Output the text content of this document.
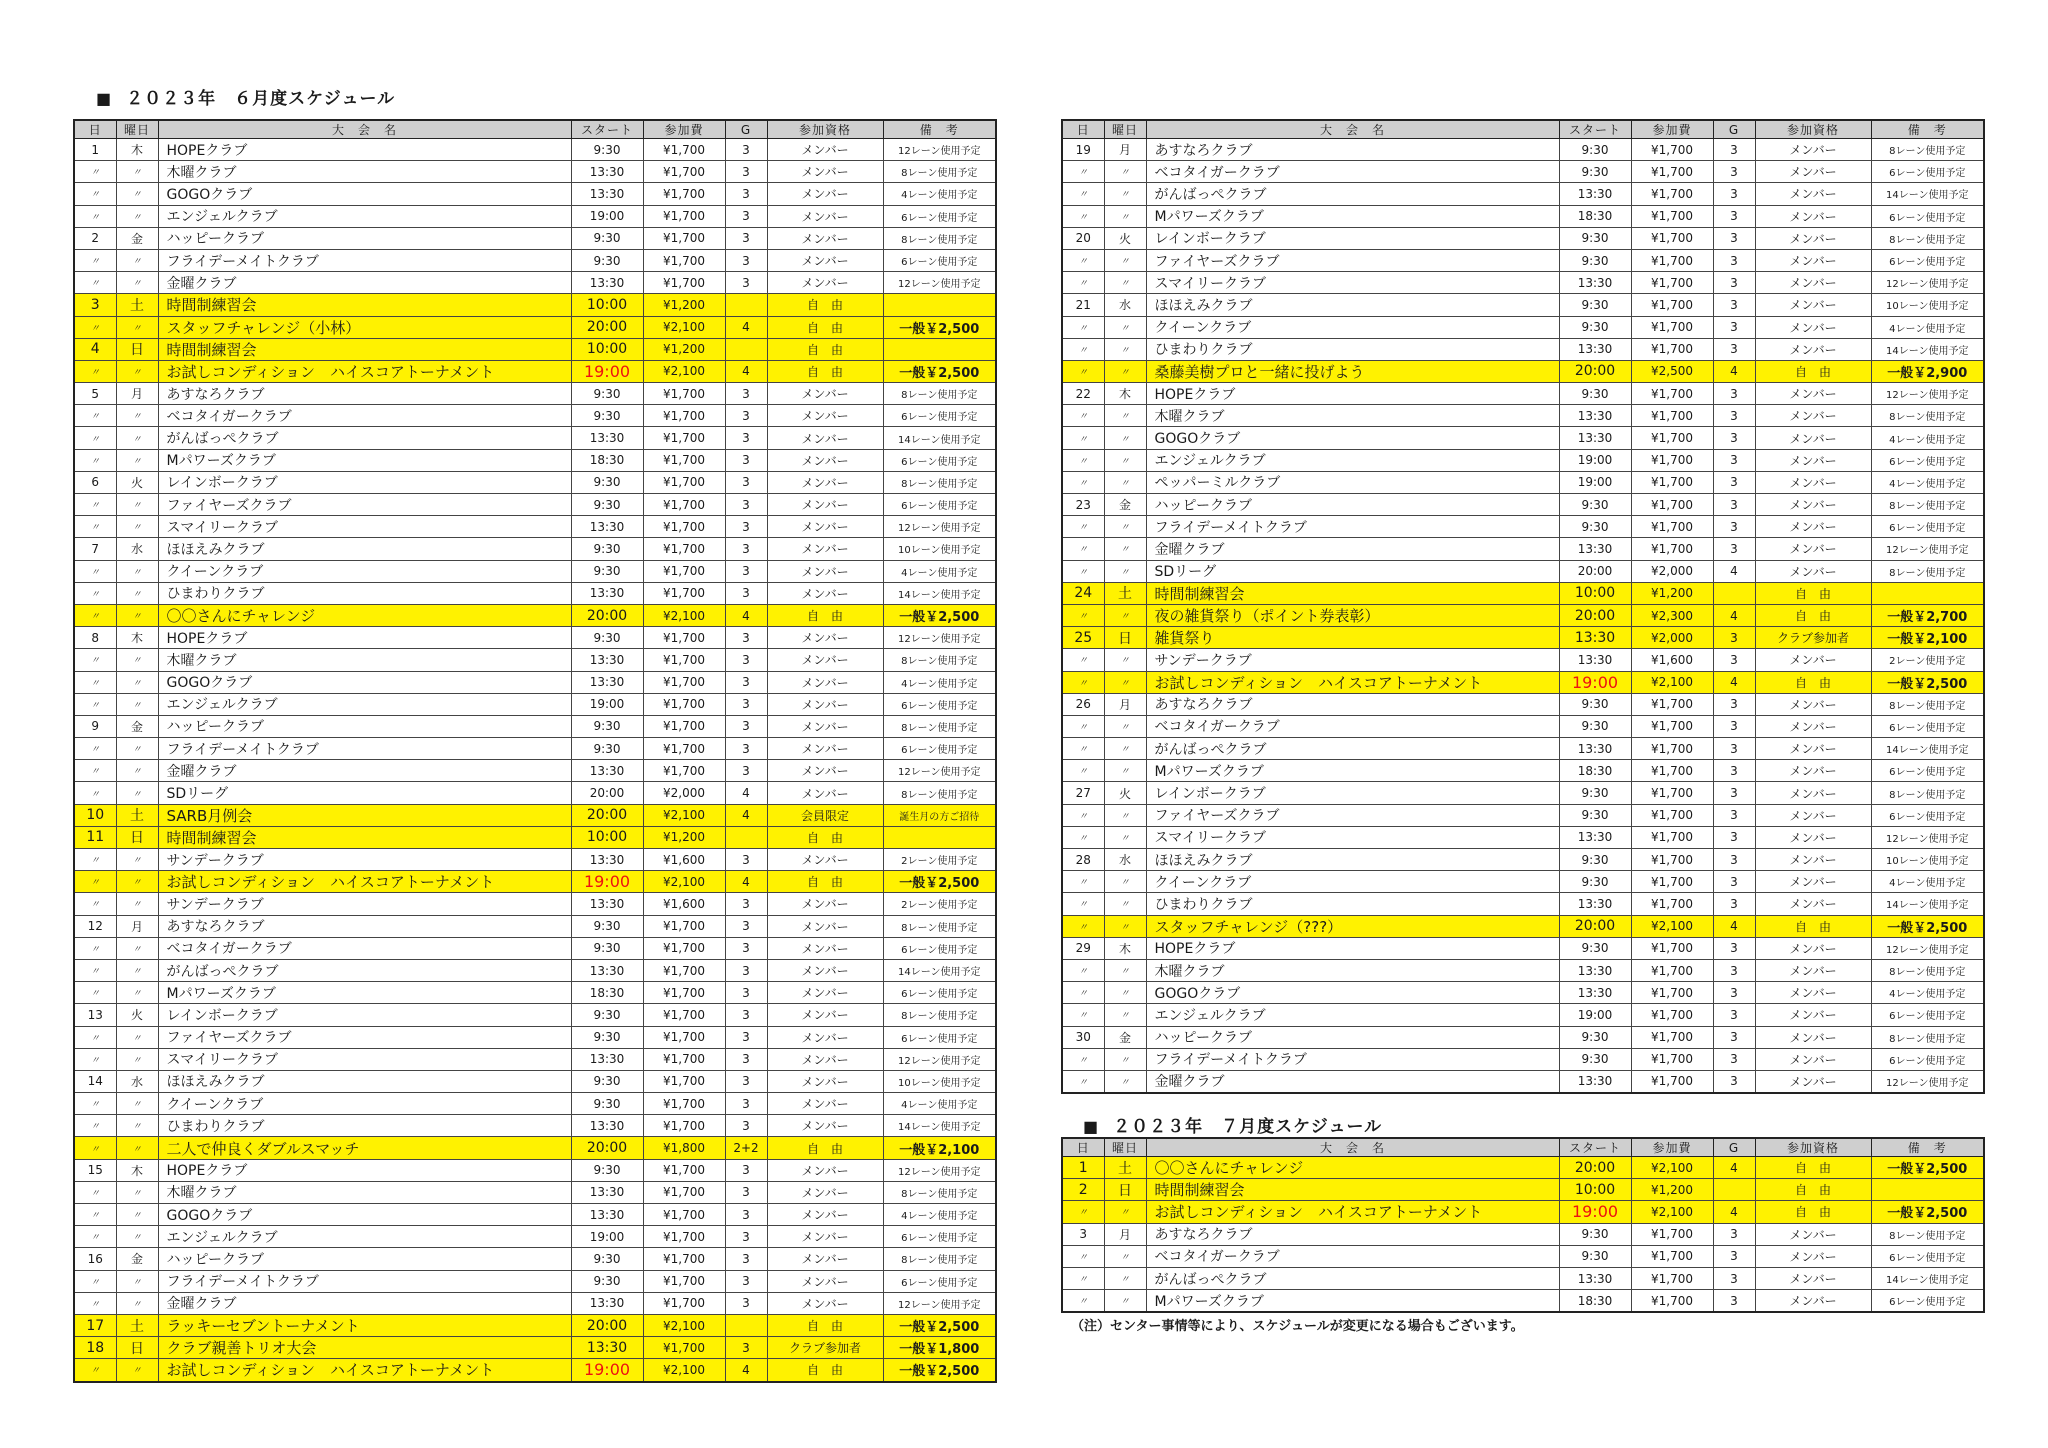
■ ２０２３年　６月度スケジュール
日	曜日	大　会　名	スタート	参加費	G	参加資格	備　考
1	木	HOPEクラブ	9:30	¥1,700	3	メンバー	12レーン使用予定
〃	〃	木曜クラブ	13:30	¥1,700	3	メンバー	8レーン使用予定
〃	〃	GOGOクラブ	13:30	¥1,700	3	メンバー	4レーン使用予定
〃	〃	エンジェルクラブ	19:00	¥1,700	3	メンバー	6レーン使用予定
2	金	ハッピークラブ	9:30	¥1,700	3	メンバー	8レーン使用予定
〃	〃	フライデーメイトクラブ	9:30	¥1,700	3	メンバー	6レーン使用予定
〃	〃	金曜クラブ	13:30	¥1,700	3	メンバー	12レーン使用予定
3	土	時間制練習会	10:00	¥1,200		自　由	
〃	〃	スタッフチャレンジ（小林）	20:00	¥2,100	4	自　由	一般￥2,500
4	日	時間制練習会	10:00	¥1,200		自　由	
〃	〃	お試しコンディション　ハイスコアトーナメント	19:00	¥2,100	4	自　由	一般￥2,500
5	月	あすなろクラブ	9:30	¥1,700	3	メンバー	8レーン使用予定
〃	〃	ベコタイガークラブ	9:30	¥1,700	3	メンバー	6レーン使用予定
〃	〃	がんばっぺクラブ	13:30	¥1,700	3	メンバー	14レーン使用予定
〃	〃	Mパワーズクラブ	18:30	¥1,700	3	メンバー	6レーン使用予定
6	火	レインボークラブ	9:30	¥1,700	3	メンバー	8レーン使用予定
〃	〃	ファイヤーズクラブ	9:30	¥1,700	3	メンバー	6レーン使用予定
〃	〃	スマイリークラブ	13:30	¥1,700	3	メンバー	12レーン使用予定
7	水	ほほえみクラブ	9:30	¥1,700	3	メンバー	10レーン使用予定
〃	〃	クイーンクラブ	9:30	¥1,700	3	メンバー	4レーン使用予定
〃	〃	ひまわりクラブ	13:30	¥1,700	3	メンバー	14レーン使用予定
〃	〃	〇〇さんにチャレンジ	20:00	¥2,100	4	自　由	一般￥2,500
8	木	HOPEクラブ	9:30	¥1,700	3	メンバー	12レーン使用予定
〃	〃	木曜クラブ	13:30	¥1,700	3	メンバー	8レーン使用予定
〃	〃	GOGOクラブ	13:30	¥1,700	3	メンバー	4レーン使用予定
〃	〃	エンジェルクラブ	19:00	¥1,700	3	メンバー	6レーン使用予定
9	金	ハッピークラブ	9:30	¥1,700	3	メンバー	8レーン使用予定
〃	〃	フライデーメイトクラブ	9:30	¥1,700	3	メンバー	6レーン使用予定
〃	〃	金曜クラブ	13:30	¥1,700	3	メンバー	12レーン使用予定
〃	〃	SDリーグ	20:00	¥2,000	4	メンバー	8レーン使用予定
10	土	SARB月例会	20:00	¥2,100	4	会員限定	誕生月の方ご招待
11	日	時間制練習会	10:00	¥1,200		自　由	
〃	〃	サンデークラブ	13:30	¥1,600	3	メンバー	2レーン使用予定
〃	〃	お試しコンディション　ハイスコアトーナメント	19:00	¥2,100	4	自　由	一般￥2,500
〃	〃	サンデークラブ	13:30	¥1,600	3	メンバー	2レーン使用予定
12	月	あすなろクラブ	9:30	¥1,700	3	メンバー	8レーン使用予定
〃	〃	ベコタイガークラブ	9:30	¥1,700	3	メンバー	6レーン使用予定
〃	〃	がんばっぺクラブ	13:30	¥1,700	3	メンバー	14レーン使用予定
〃	〃	Mパワーズクラブ	18:30	¥1,700	3	メンバー	6レーン使用予定
13	火	レインボークラブ	9:30	¥1,700	3	メンバー	8レーン使用予定
〃	〃	ファイヤーズクラブ	9:30	¥1,700	3	メンバー	6レーン使用予定
〃	〃	スマイリークラブ	13:30	¥1,700	3	メンバー	12レーン使用予定
14	水	ほほえみクラブ	9:30	¥1,700	3	メンバー	10レーン使用予定
〃	〃	クイーンクラブ	9:30	¥1,700	3	メンバー	4レーン使用予定
〃	〃	ひまわりクラブ	13:30	¥1,700	3	メンバー	14レーン使用予定
〃	〃	二人で仲良くダブルスマッチ	20:00	¥1,800	2+2	自　由	一般￥2,100
15	木	HOPEクラブ	9:30	¥1,700	3	メンバー	12レーン使用予定
〃	〃	木曜クラブ	13:30	¥1,700	3	メンバー	8レーン使用予定
〃	〃	GOGOクラブ	13:30	¥1,700	3	メンバー	4レーン使用予定
〃	〃	エンジェルクラブ	19:00	¥1,700	3	メンバー	6レーン使用予定
16	金	ハッピークラブ	9:30	¥1,700	3	メンバー	8レーン使用予定
〃	〃	フライデーメイトクラブ	9:30	¥1,700	3	メンバー	6レーン使用予定
〃	〃	金曜クラブ	13:30	¥1,700	3	メンバー	12レーン使用予定
17	土	ラッキーセブントーナメント	20:00	¥2,100		自　由	一般￥2,500
18	日	クラブ親善トリオ大会	13:30	¥1,700	3	クラブ参加者	一般￥1,800
〃	〃	お試しコンディション　ハイスコアトーナメント	19:00	¥2,100	4	自　由	一般￥2,500
日	曜日	大　会　名	スタート	参加費	G	参加資格	備　考
19	月	あすなろクラブ	9:30	¥1,700	3	メンバー	8レーン使用予定
〃	〃	ベコタイガークラブ	9:30	¥1,700	3	メンバー	6レーン使用予定
〃	〃	がんばっぺクラブ	13:30	¥1,700	3	メンバー	14レーン使用予定
〃	〃	Mパワーズクラブ	18:30	¥1,700	3	メンバー	6レーン使用予定
20	火	レインボークラブ	9:30	¥1,700	3	メンバー	8レーン使用予定
〃	〃	ファイヤーズクラブ	9:30	¥1,700	3	メンバー	6レーン使用予定
〃	〃	スマイリークラブ	13:30	¥1,700	3	メンバー	12レーン使用予定
21	水	ほほえみクラブ	9:30	¥1,700	3	メンバー	10レーン使用予定
〃	〃	クイーンクラブ	9:30	¥1,700	3	メンバー	4レーン使用予定
〃	〃	ひまわりクラブ	13:30	¥1,700	3	メンバー	14レーン使用予定
〃	〃	桑藤美樹プロと一緒に投げよう	20:00	¥2,500	4	自　由	一般￥2,900
22	木	HOPEクラブ	9:30	¥1,700	3	メンバー	12レーン使用予定
〃	〃	木曜クラブ	13:30	¥1,700	3	メンバー	8レーン使用予定
〃	〃	GOGOクラブ	13:30	¥1,700	3	メンバー	4レーン使用予定
〃	〃	エンジェルクラブ	19:00	¥1,700	3	メンバー	6レーン使用予定
〃	〃	ペッパーミルクラブ	19:00	¥1,700	3	メンバー	4レーン使用予定
23	金	ハッピークラブ	9:30	¥1,700	3	メンバー	8レーン使用予定
〃	〃	フライデーメイトクラブ	9:30	¥1,700	3	メンバー	6レーン使用予定
〃	〃	金曜クラブ	13:30	¥1,700	3	メンバー	12レーン使用予定
〃	〃	SDリーグ	20:00	¥2,000	4	メンバー	8レーン使用予定
24	土	時間制練習会	10:00	¥1,200		自　由	
〃	〃	夜の雑貨祭り（ポイント券表彰）	20:00	¥2,300	4	自　由	一般￥2,700
25	日	雑貨祭り	13:30	¥2,000	3	クラブ参加者	一般￥2,100
〃	〃	サンデークラブ	13:30	¥1,600	3	メンバー	2レーン使用予定
〃	〃	お試しコンディション　ハイスコアトーナメント	19:00	¥2,100	4	自　由	一般￥2,500
26	月	あすなろクラブ	9:30	¥1,700	3	メンバー	8レーン使用予定
〃	〃	ベコタイガークラブ	9:30	¥1,700	3	メンバー	6レーン使用予定
〃	〃	がんばっぺクラブ	13:30	¥1,700	3	メンバー	14レーン使用予定
〃	〃	Mパワーズクラブ	18:30	¥1,700	3	メンバー	6レーン使用予定
27	火	レインボークラブ	9:30	¥1,700	3	メンバー	8レーン使用予定
〃	〃	ファイヤーズクラブ	9:30	¥1,700	3	メンバー	6レーン使用予定
〃	〃	スマイリークラブ	13:30	¥1,700	3	メンバー	12レーン使用予定
28	水	ほほえみクラブ	9:30	¥1,700	3	メンバー	10レーン使用予定
〃	〃	クイーンクラブ	9:30	¥1,700	3	メンバー	4レーン使用予定
〃	〃	ひまわりクラブ	13:30	¥1,700	3	メンバー	14レーン使用予定
〃	〃	スタッフチャレンジ（???）	20:00	¥2,100	4	自　由	一般￥2,500
29	木	HOPEクラブ	9:30	¥1,700	3	メンバー	12レーン使用予定
〃	〃	木曜クラブ	13:30	¥1,700	3	メンバー	8レーン使用予定
〃	〃	GOGOクラブ	13:30	¥1,700	3	メンバー	4レーン使用予定
〃	〃	エンジェルクラブ	19:00	¥1,700	3	メンバー	6レーン使用予定
30	金	ハッピークラブ	9:30	¥1,700	3	メンバー	8レーン使用予定
〃	〃	フライデーメイトクラブ	9:30	¥1,700	3	メンバー	6レーン使用予定
〃	〃	金曜クラブ	13:30	¥1,700	3	メンバー	12レーン使用予定
■ ２０２３年　７月度スケジュール
日	曜日	大　会　名	スタート	参加費	G	参加資格	備　考
1	土	〇〇さんにチャレンジ	20:00	¥2,100	4	自　由	一般￥2,500
2	日	時間制練習会	10:00	¥1,200		自　由	
〃	〃	お試しコンディション　ハイスコアトーナメント	19:00	¥2,100	4	自　由	一般￥2,500
3	月	あすなろクラブ	9:30	¥1,700	3	メンバー	8レーン使用予定
〃	〃	ベコタイガークラブ	9:30	¥1,700	3	メンバー	6レーン使用予定
〃	〃	がんばっぺクラブ	13:30	¥1,700	3	メンバー	14レーン使用予定
〃	〃	Mパワーズクラブ	18:30	¥1,700	3	メンバー	6レーン使用予定
（注）センター事情等により、スケジュールが変更になる場合もございます。
